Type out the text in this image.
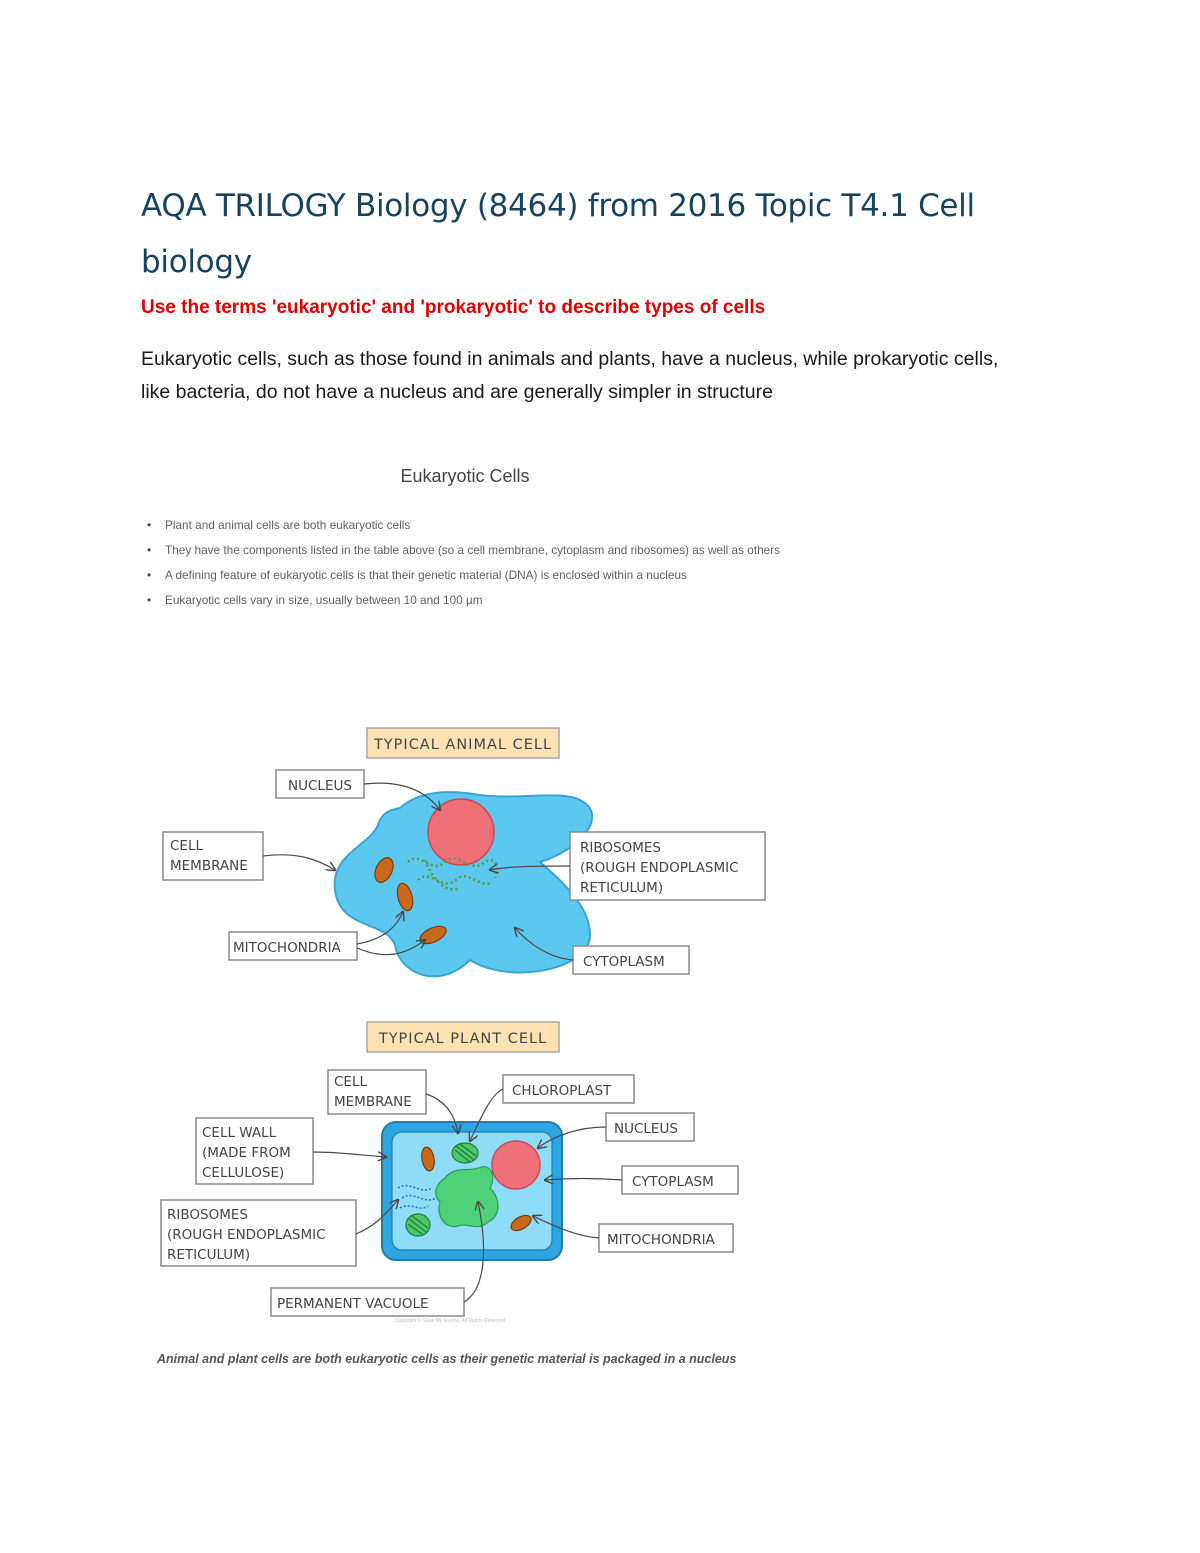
AQA TRILOGY Biology (8464) from 2016 Topic T4.1 Cell biology

Use the terms 'eukaryotic' and 'prokaryotic' to describe types of cells

Eukaryotic cells, such as those found in animals and plants, have a nucleus, while prokaryotic cells, like bacteria, do not have a nucleus and are generally simpler in structure

Eukaryotic Cells
• Plant and animal cells are both eukaryotic cells
• They have the components listed in the table above (so a cell membrane, cytoplasm and ribosomes) as well as others
• A defining feature of eukaryotic cells is that their genetic material (DNA) is enclosed within a nucleus
• Eukaryotic cells vary in size, usually between 10 and 100 µm
TYPICAL ANIMAL CELL
NUCLEUS
CELL
MEMBRANE
RIBOSOMES
(ROUGH ENDOPLASMIC
RETICULUM)
MITOCHONDRIA
CYTOPLASM
TYPICAL PLANT CELL
CELL
MEMBRANE
CHLOROPLAST
CELL WALL
(MADE FROM
CELLULOSE)
NUCLEUS
CYTOPLASM
RIBOSOMES
(ROUGH ENDOPLASMIC
RETICULUM)
MITOCHONDRIA
PERMANENT VACUOLE
Copyright © Save My Exams. All Rights Reserved

Animal and plant cells are both eukaryotic cells as their genetic material is packaged in a nucleus
